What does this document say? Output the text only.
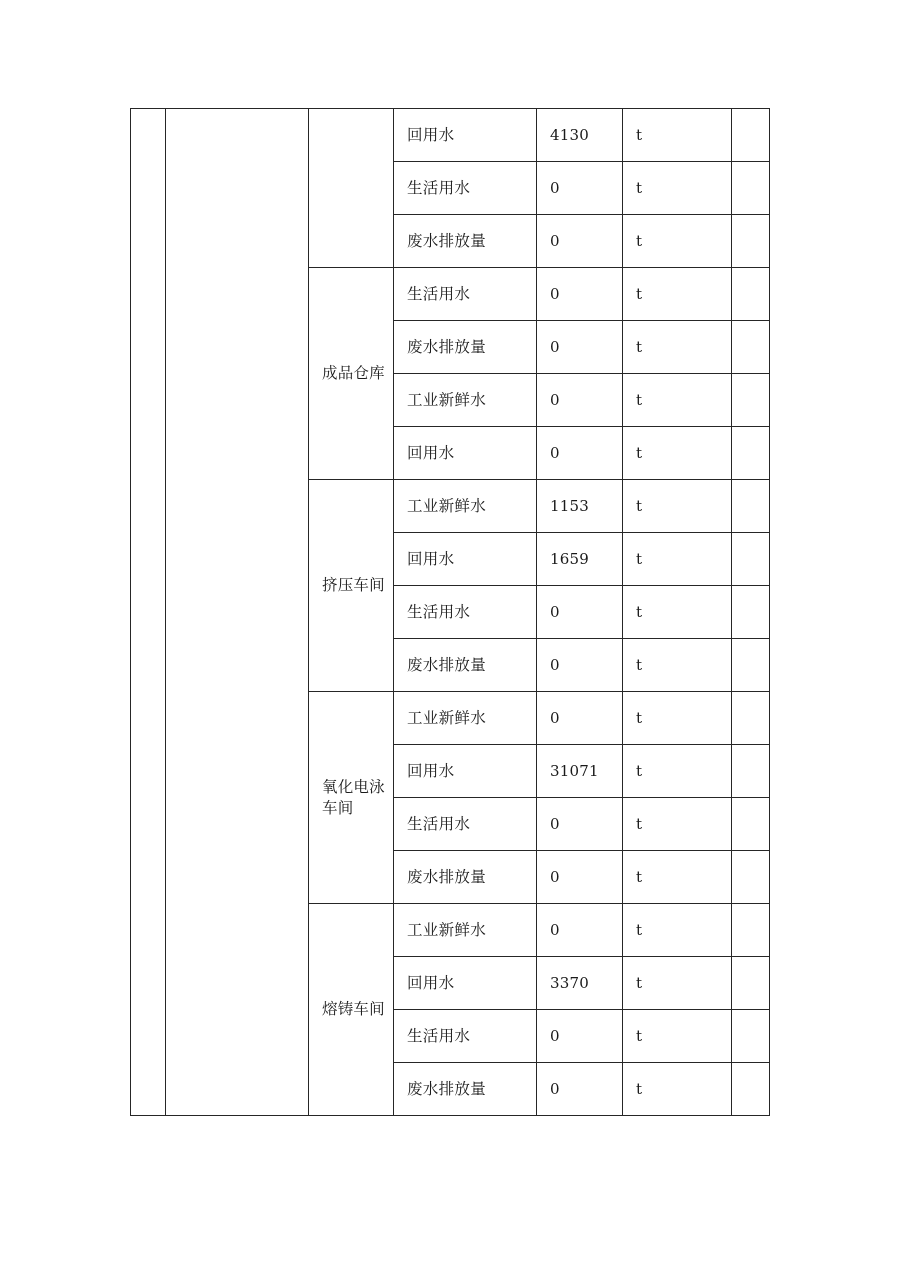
			回用水	4130	t	
			生活用水	0	t	
			废水排放量	0	t	
		成品仓库	生活用水	0	t	
			废水排放量	0	t	
			工业新鲜水	0	t	
			回用水	0	t	
		挤压车间	工业新鲜水	1153	t	
			回用水	1659	t	
			生活用水	0	t	
			废水排放量	0	t	
		氧化电泳车间	工业新鲜水	0	t	
			回用水	31071	t	
			生活用水	0	t	
			废水排放量	0	t	
		熔铸车间	工业新鲜水	0	t	
			回用水	3370	t	
			生活用水	0	t	
			废水排放量	0	t	
